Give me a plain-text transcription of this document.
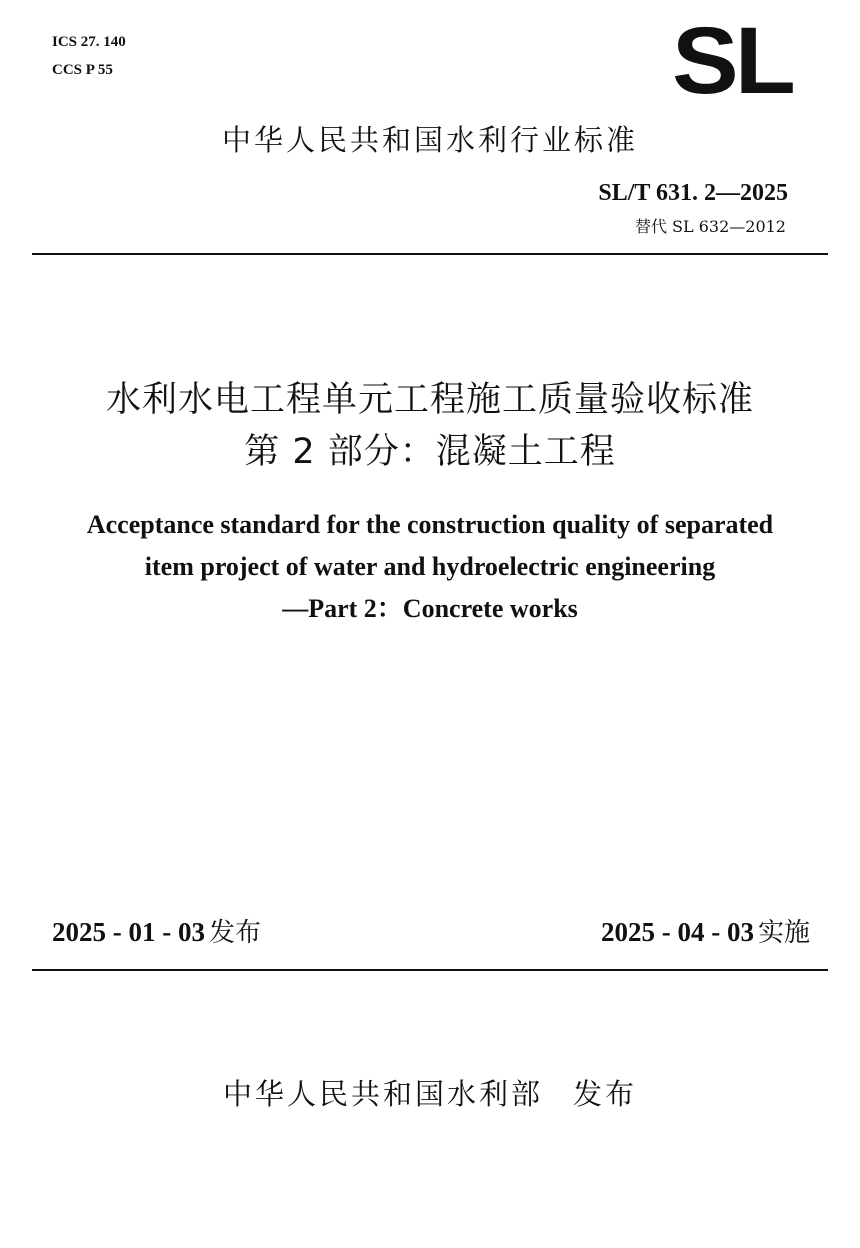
ICS 27. 140
CCS P 55	SL
中华人民共和国水利行业标准
SL/T 631. 2—2025
替代 SL 632—2012
水利水电工程单元工程施工质量验收标准
第 2 部分：混凝土工程
Acceptance standard for the construction quality of separated
item project of water and hydroelectric engineering
—Part 2：Concrete works
2025 - 01 - 03 发布	2025 - 04 - 03 实施
中华人民共和国水利部 发布
